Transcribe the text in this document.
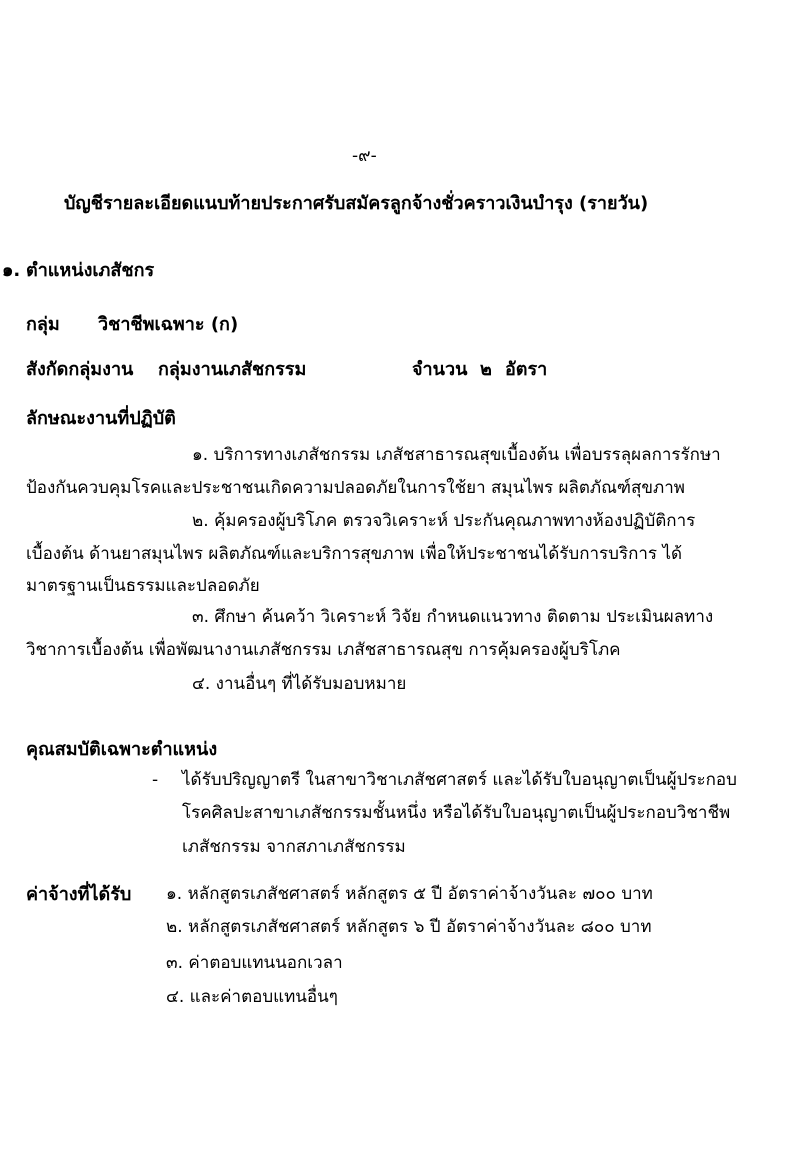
-๙-
บัญชีรายละเอียดแนบท้ายประกาศรับสมัครลูกจ้างชั่วคราวเงินบำรุง (รายวัน)
๑. ตำแหน่งเภสัชกร
กลุ่ม วิชาชีพเฉพาะ (ก)
สังกัดกลุ่มงาน กลุ่มงานเภสัชกรรม	จำนวน ๒ อัตรา
ลักษณะงานที่ปฏิบัติ
๑. บริการทางเภสัชกรรม เภสัชสาธารณสุขเบื้องต้น เพื่อบรรลุผลการรักษา
ป้องกันควบคุมโรคและประชาชนเกิดความปลอดภัยในการใช้ยา สมุนไพร ผลิตภัณฑ์สุขภาพ
๒. คุ้มครองผู้บริโภค ตรวจวิเคราะห์ ประกันคุณภาพทางห้องปฏิบัติการ
เบื้องต้น ด้านยาสมุนไพร ผลิตภัณฑ์และบริการสุขภาพ เพื่อให้ประชาชนได้รับการบริการ ได้
มาตรฐานเป็นธรรมและปลอดภัย
๓. ศึกษา ค้นคว้า วิเคราะห์ วิจัย กำหนดแนวทาง ติดตาม ประเมินผลทาง
วิชาการเบื้องต้น เพื่อพัฒนางานเภสัชกรรม เภสัชสาธารณสุข การคุ้มครองผู้บริโภค
๔. งานอื่นๆ ที่ได้รับมอบหมาย
คุณสมบัติเฉพาะตำแหน่ง
- ได้รับปริญญาตรี ในสาขาวิชาเภสัชศาสตร์ และได้รับใบอนุญาตเป็นผู้ประกอบ
โรคศิลปะสาขาเภสัชกรรมชั้นหนึ่ง หรือได้รับใบอนุญาตเป็นผู้ประกอบวิชาชีพ
เภสัชกรรม จากสภาเภสัชกรรม
ค่าจ้างที่ได้รับ ๑. หลักสูตรเภสัชศาสตร์ หลักสูตร ๕ ปี อัตราค่าจ้างวันละ ๗๐๐ บาท
๒. หลักสูตรเภสัชศาสตร์ หลักสูตร ๖ ปี อัตราค่าจ้างวันละ ๘๐๐ บาท
๓. ค่าตอบแทนนอกเวลา
๔. และค่าตอบแทนอื่นๆ
